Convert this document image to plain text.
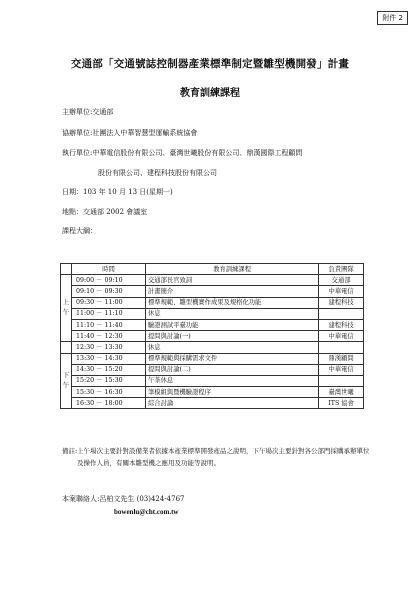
附件 2
交通部「交通號誌控制器產業標準制定暨雛型機開發」計畫
教育訓練課程
主辦單位:交通部
協辦單位:社團法人中華智慧型運輸系統協會
執行單位:中華電信股份有限公司、臺灣世曦股份有限公司、鼎漢國際工程顧問
股份有限公司、建程科技股份有限公司
日期：103 年 10 月 13 日(星期一)
地點：交通部 2002 會議室
課程大綱：
	時間	教育訓練課程	負責團隊
上午	09:00 － 09:10	交通部長官致詞	交通部
	09:10 － 09:30	計畫簡介	中華電信
	09:30 － 11:00	標準規範、雛型機實作成果及規格化功能	建程科技
	11:00 － 11:10	休息	
	11:10 － 11:40	驗證測試平臺功能	建程科技
	11:40 － 12:30	提問與討論(一)	中華電信
	12:30 － 13:30	休息	
下午	13:30 － 14:30	標準規範與採購需求文件	鼎漢顧問
	14:30 － 15:20	提問與討論(二)	中華電信
	15:20 － 15:30	午茶休息	
	15:30 － 16:30	筆模組與暨機驗證程序	臺灣世曦
	16:30 － 18:00	綜合討論	ITS 協會
備註: 上午場次主要針對設備業者依據本產業標準開發產品之說明，下午場次主要針對各公部門採購承辦單位及操作人員，有關本雛型機之應用及功能等說明。
本案聯絡人:呂柏文先生 (03)424-4767
bowenlu@cht.com.tw
